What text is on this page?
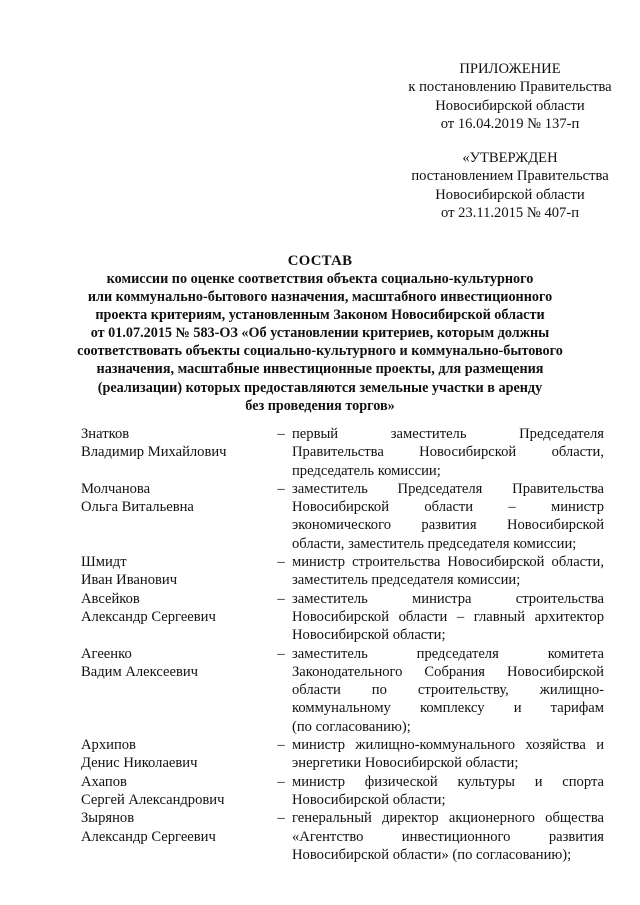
ПРИЛОЖЕНИЕ
к постановлению Правительства
Новосибирской области
от 16.04.2019 № 137-п
«УТВЕРЖДЕН
постановлением Правительства
Новосибирской области
от 23.11.2015 № 407-п
СОСТАВ
комиссии по оценке соответствия объекта социально-культурного
или коммунально-бытового назначения, масштабного инвестиционного
проекта критериям, установленным Законом Новосибирской области
от 01.07.2015 № 583-ОЗ «Об установлении критериев, которым должны
соответствовать объекты социально-культурного и коммунально-бытового
назначения, масштабные инвестиционные проекты, для размещения
(реализации) которых предоставляются земельные участки в аренду
без проведения торгов»
Знатков
Владимир Михайлович
– первый заместитель Председателя
Правительства Новосибирской области,
председатель комиссии;
Молчанова
Ольга Витальевна
– заместитель Председателя Правительства
Новосибирской области – министр
экономического развития Новосибирской
области, заместитель председателя комиссии;
Шмидт
Иван Иванович
– министр строительства Новосибирской области,
заместитель председателя комиссии;
Авсейков
Александр Сергеевич
– заместитель министра строительства
Новосибирской области – главный архитектор
Новосибирской области;
Агеенко
Вадим Алексеевич
– заместитель председателя комитета
Законодательного Собрания Новосибирской
области по строительству, жилищно-
коммунальному комплексу и тарифам
(по согласованию);
Архипов
Денис Николаевич
– министр жилищно-коммунального хозяйства и
энергетики Новосибирской области;
Ахапов
Сергей Александрович
– министр физической культуры и спорта
Новосибирской области;
Зырянов
Александр Сергеевич
– генеральный директор акционерного общества
«Агентство инвестиционного развития
Новосибирской области» (по согласованию);
